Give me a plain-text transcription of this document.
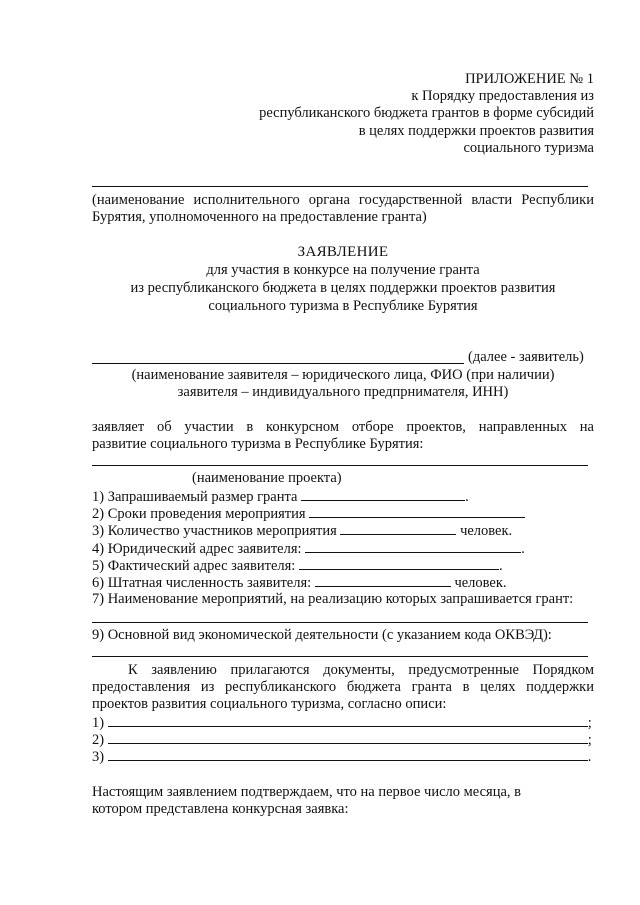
ПРИЛОЖЕНИЕ № 1
к Порядку предоставления из
республиканского бюджета грантов в форме субсидий
в целях поддержки проектов развития
социального туризма
(наименование исполнительного органа государственной власти Республики
Бурятия, уполномоченного на предоставление гранта)
ЗАЯВЛЕНИЕ
для участия в конкурсе на получение гранта
из республиканского бюджета в целях поддержки проектов развития
социального туризма в Республике Бурятия
(далее - заявитель)
(наименование заявителя – юридического лица, ФИО (при наличии)
заявителя – индивидуального предпрнимателя, ИНН)
заявляет об участии в конкурсном отборе проектов, направленных на
развитие социального туризма в Республике Бурятия:
(наименование проекта)
1) Запрашиваемый размер гранта	.
2) Сроки проведения мероприятия
3) Количество участников мероприятия	человек.
4) Юридический адрес заявителя:	.
5) Фактический адрес заявителя:	.
6) Штатная численность заявителя:	человек.
7) Наименование мероприятий, на реализацию которых запрашивается грант:
9) Основной вид экономической деятельности (с указанием кода ОКВЭД):
К заявлению прилагаются документы, предусмотренные Порядком
предоставления из республиканского бюджета гранта в целях поддержки
проектов развития социального туризма, согласно описи:
1)	;
2)	;
3)	.
Настоящим заявлением подтверждаем, что на первое число месяца, в
котором представлена конкурсная заявка:
